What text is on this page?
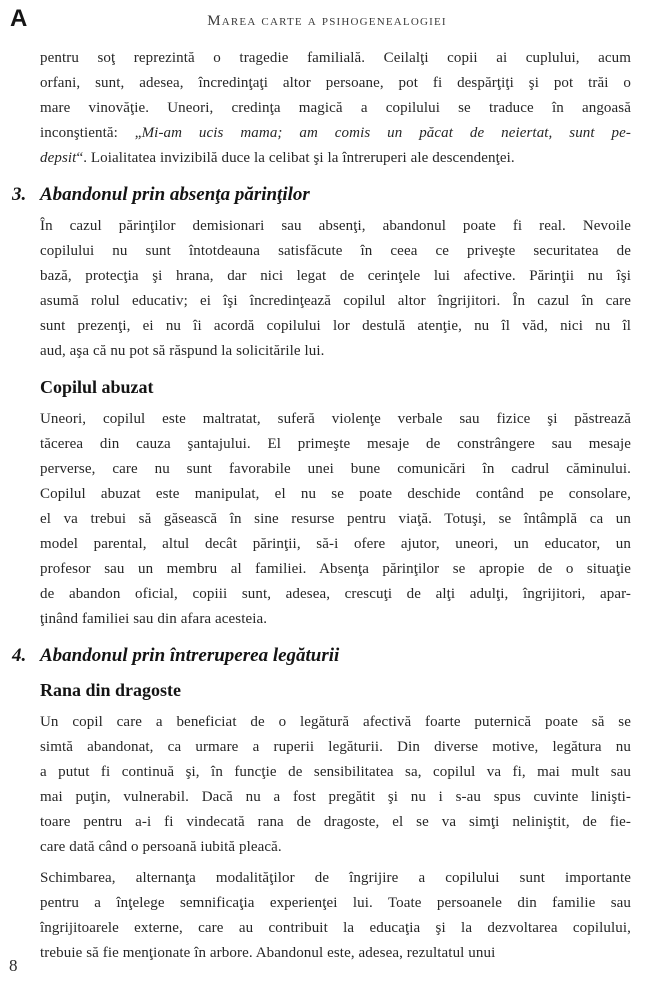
A	Marea carte a psihogenealogiei
pentru soţ reprezintă o tragedie familială. Ceilalţi copii ai cuplului, acum
orfani, sunt, adesea, încredinţaţi altor persoane, pot fi despărţiţi şi pot trăi o
mare vinovăţie. Uneori, credinţa magică a copilului se traduce în angoasă
inconştientă: „Mi-am ucis mama; am comis un păcat de neiertat, sunt pe-
depsit“. Loialitatea invizibilă duce la celibat şi la întreruperi ale descendenţei.
3. Abandonul prin absenţa părinţilor
În cazul părinţilor demisionari sau absenţi, abandonul poate fi real. Nevoile
copilului nu sunt întotdeauna satisfăcute în ceea ce priveşte securitatea de
bază, protecţia şi hrana, dar nici legat de cerinţele lui afective. Părinţii nu îşi
asumă rolul educativ; ei îşi încredinţează copilul altor îngrijitori. În cazul în care
sunt prezenţi, ei nu îi acordă copilului lor destulă atenţie, nu îl văd, nici nu îl
aud, aşa că nu pot să răspund la solicitările lui.
Copilul abuzat
Uneori, copilul este maltratat, suferă violenţe verbale sau fizice şi păstrează
tăcerea din cauza şantajului. El primeşte mesaje de constrângere sau mesaje
perverse, care nu sunt favorabile unei bune comunicări în cadrul căminului.
Copilul abuzat este manipulat, el nu se poate deschide contând pe consolare,
el va trebui să găsească în sine resurse pentru viaţă. Totuşi, se întâmplă ca un
model parental, altul decât părinţii, să-i ofere ajutor, uneori, un educator, un
profesor sau un membru al familiei. Absenţa părinţilor se apropie de o situaţie
de abandon oficial, copiii sunt, adesea, crescuţi de alţi adulţi, îngrijitori, apar-
ţinând familiei sau din afara acesteia.
4. Abandonul prin întreruperea legăturii
Rana din dragoste
Un copil care a beneficiat de o legătură afectivă foarte puternică poate să se
simtă abandonat, ca urmare a ruperii legăturii. Din diverse motive, legătura nu
a putut fi continuă şi, în funcţie de sensibilitatea sa, copilul va fi, mai mult sau
mai puţin, vulnerabil. Dacă nu a fost pregătit şi nu i s-au spus cuvinte linişti-
toare pentru a-i fi vindecată rana de dragoste, el se va simţi neliniştit, de fie-
care dată când o persoană iubită pleacă.
Schimbarea, alternanţa modalităţilor de îngrijire a copilului sunt importante
pentru a înţelege semnificaţia experienţei lui. Toate persoanele din familie sau
îngrijitoarele externe, care au contribuit la educaţia şi la dezvoltarea copilului,
trebuie să fie menţionate în arbore. Abandonul este, adesea, rezultatul unui
8
